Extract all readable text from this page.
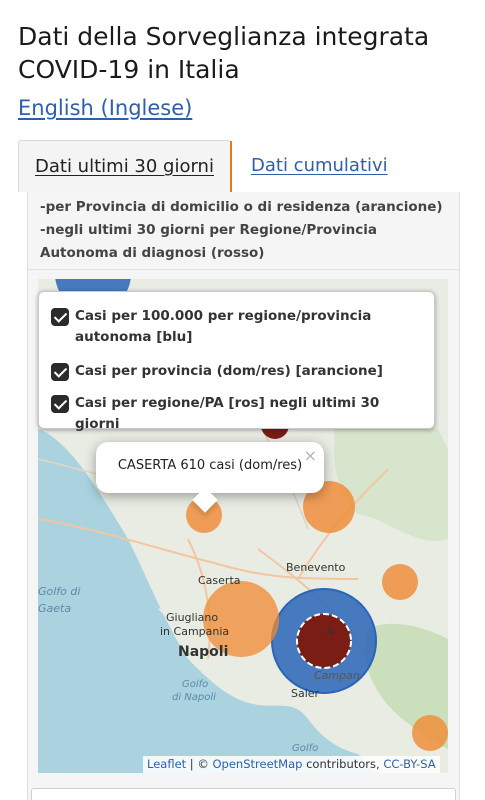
Dati della Sorveglianza integrata COVID-19 in Italia
English (Inglese)
Dati ultimi 30 giorni	Dati cumulativi
-per Provincia di domicilio o di residenza (arancione)
-negli ultimi 30 giorni per Regione/Provincia Autonoma di diagnosi (rosso)
Benevento
Caserta
Giugliano
in Campania
Napoli
Saler
A
Campan
Golfo di
Gaeta
Golfo
di Napoli
Golfo
Casi per 100.000 per regione/provincia autonoma [blu]
Casi per provincia (dom/res) [arancione]
Casi per regione/PA [ros] negli ultimi 30 giorni
CASERTA 610 casi (dom/res)
×
Leaflet | © OpenStreetMap contributors, CC-BY-SA
